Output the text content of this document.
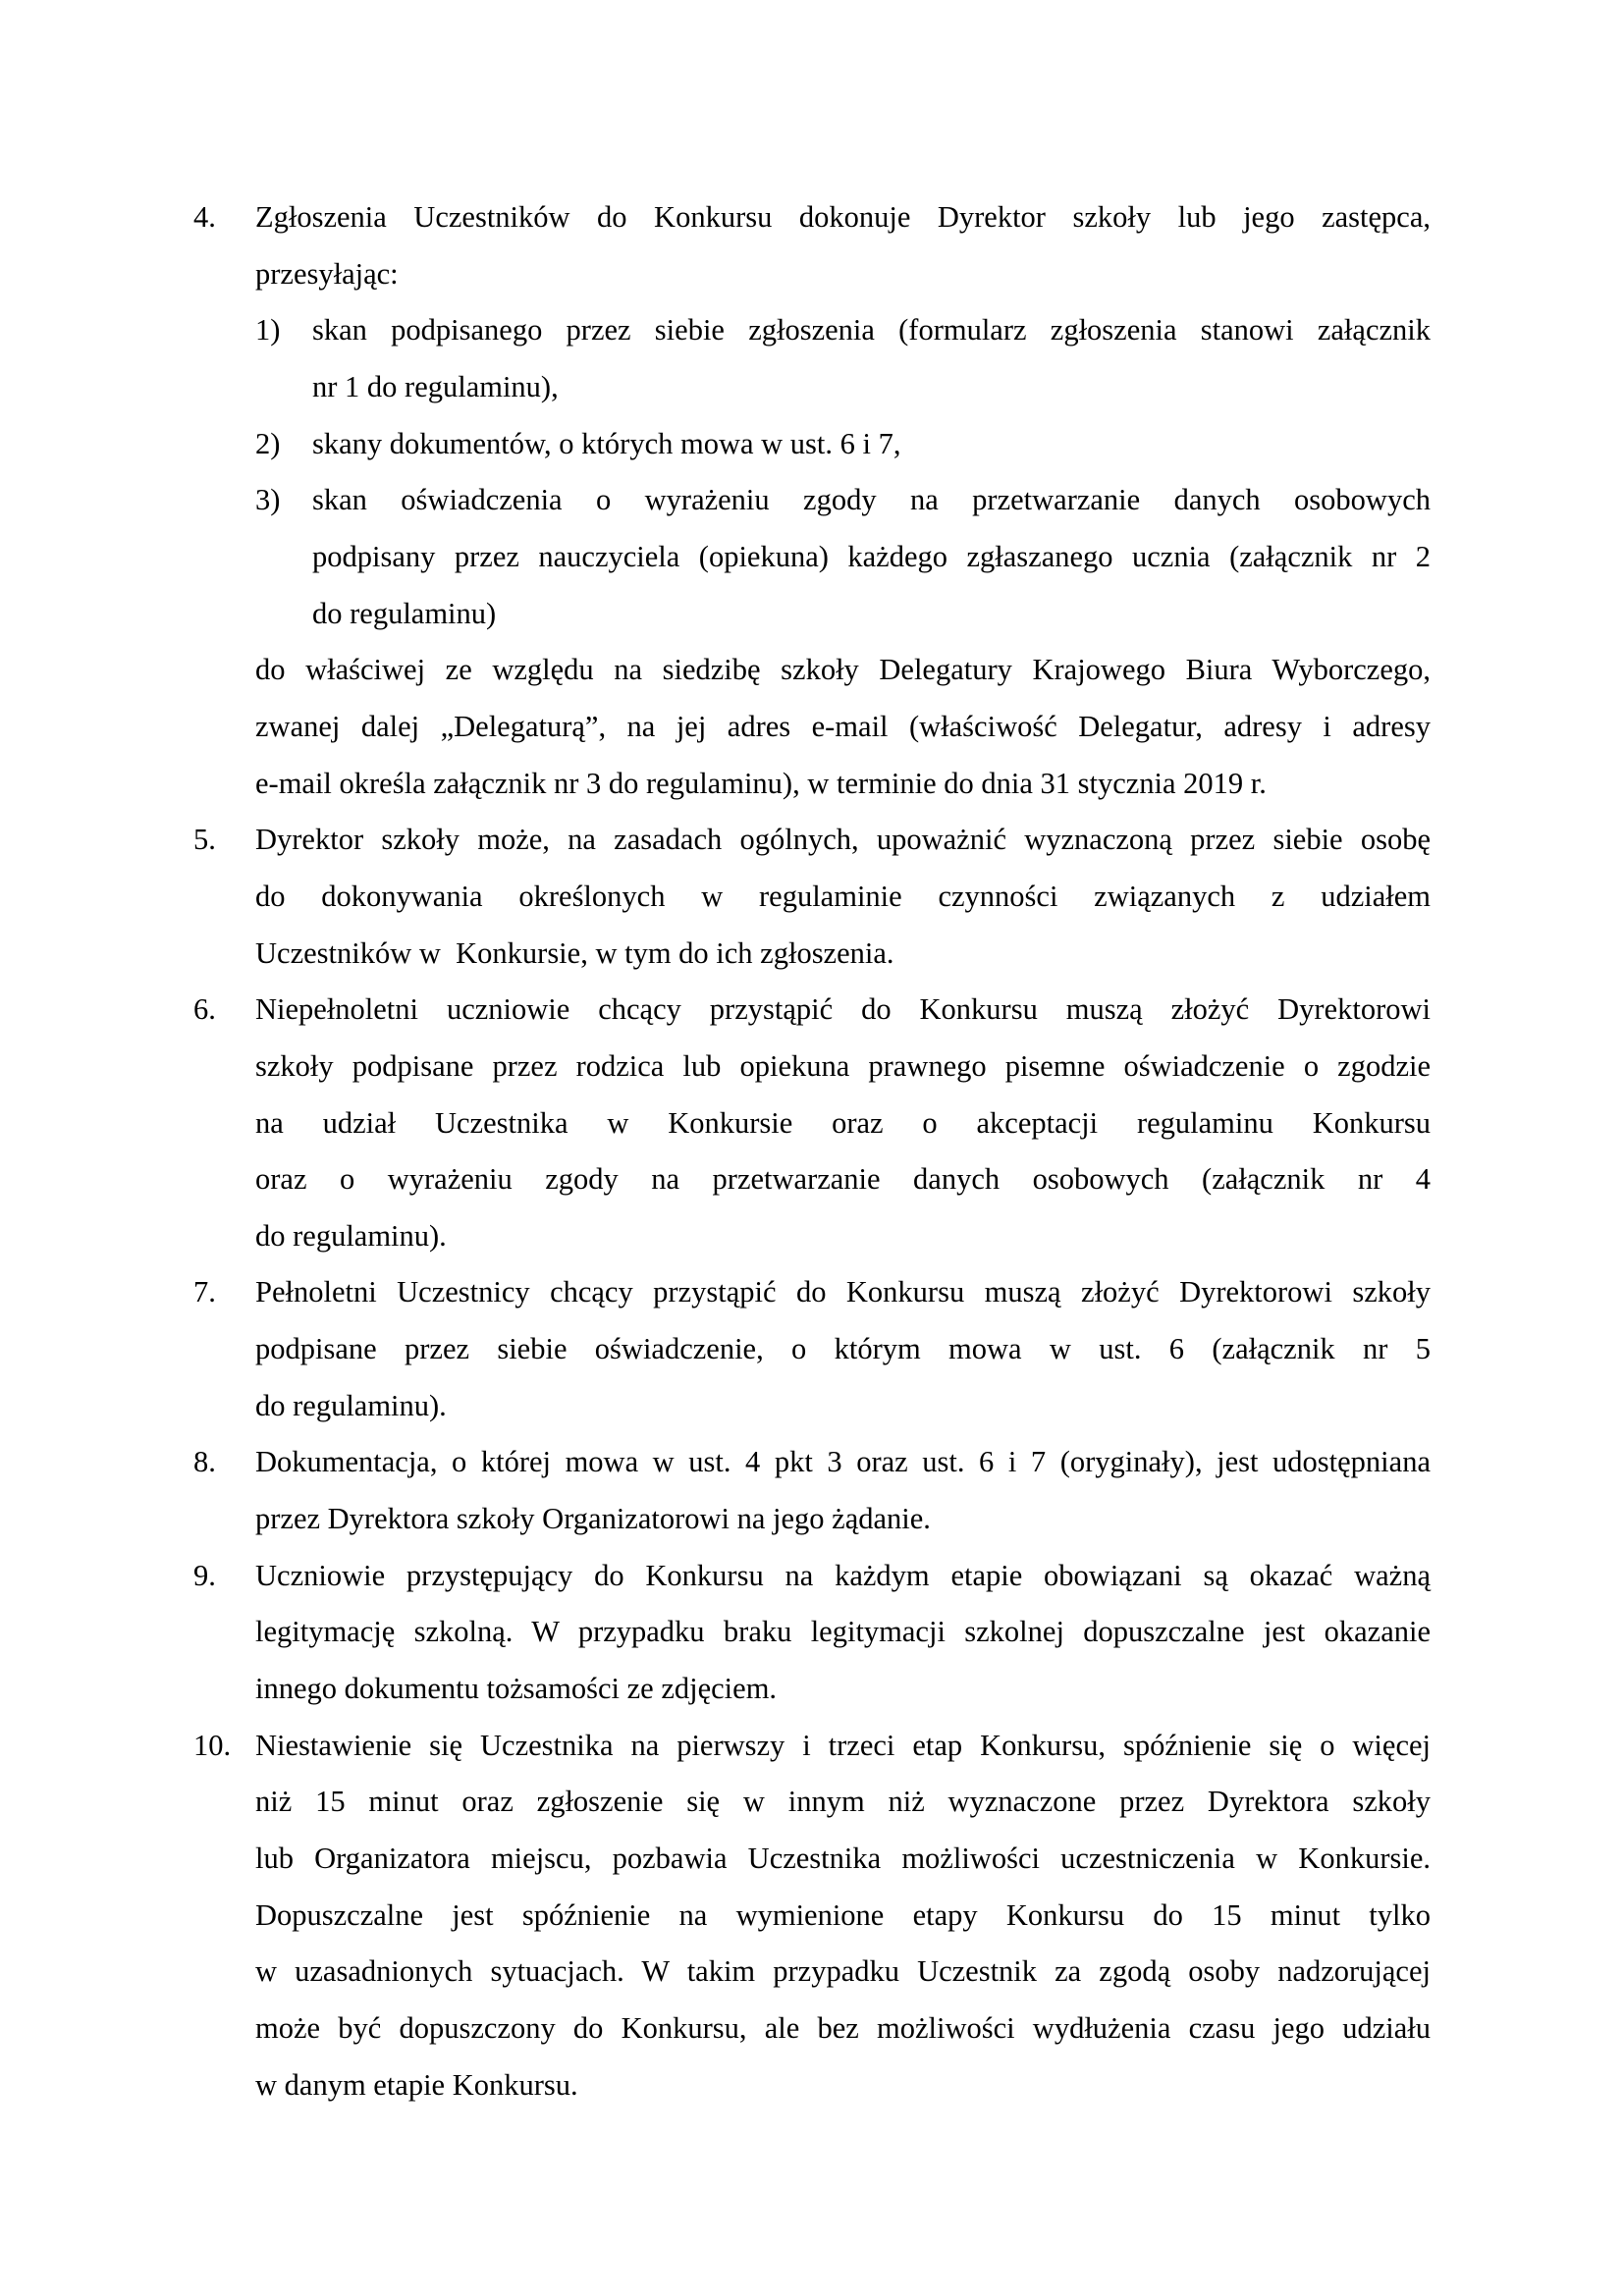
4.	Zgłoszenia Uczestników do Konkursu dokonuje Dyrektor szkoły lub jego zastępca,
przesyłając:
1)	skan podpisanego przez siebie zgłoszenia (formularz zgłoszenia stanowi załącznik
nr 1 do regulaminu),
2)	skany dokumentów, o których mowa w ust. 6 i 7,
3)	skan oświadczenia o wyrażeniu zgody na przetwarzanie danych osobowych
podpisany przez nauczyciela (opiekuna) każdego zgłaszanego ucznia (załącznik nr 2
do regulaminu)
do właściwej ze względu na siedzibę szkoły Delegatury Krajowego Biura Wyborczego,
zwanej dalej „Delegaturą”, na jej adres e-mail (właściwość Delegatur, adresy i adresy
e-mail określa załącznik nr 3 do regulaminu), w terminie do dnia 31 stycznia 2019 r.
5.	Dyrektor szkoły może, na zasadach ogólnych, upoważnić wyznaczoną przez siebie osobę
do dokonywania określonych w regulaminie czynności związanych z udziałem
Uczestników w  Konkursie, w tym do ich zgłoszenia.
6.	Niepełnoletni uczniowie chcący przystąpić do Konkursu muszą złożyć Dyrektorowi
szkoły podpisane przez rodzica lub opiekuna prawnego pisemne oświadczenie o zgodzie
na udział Uczestnika w Konkursie oraz o akceptacji regulaminu Konkursu
oraz o wyrażeniu zgody na przetwarzanie danych osobowych (załącznik nr 4
do regulaminu).
7.	Pełnoletni Uczestnicy chcący przystąpić do Konkursu muszą złożyć Dyrektorowi szkoły
podpisane przez siebie oświadczenie, o którym mowa w ust. 6 (załącznik nr 5
do regulaminu).
8.	Dokumentacja, o której mowa w ust. 4 pkt 3 oraz ust. 6 i 7 (oryginały), jest udostępniana
przez Dyrektora szkoły Organizatorowi na jego żądanie.
9.	Uczniowie przystępujący do Konkursu na każdym etapie obowiązani są okazać ważną
legitymację szkolną. W przypadku braku legitymacji szkolnej dopuszczalne jest okazanie
innego dokumentu tożsamości ze zdjęciem.
10. Niestawienie się Uczestnika na pierwszy i trzeci etap Konkursu, spóźnienie się o więcej
niż 15 minut oraz zgłoszenie się w innym niż wyznaczone przez Dyrektora szkoły
lub Organizatora miejscu, pozbawia Uczestnika możliwości uczestniczenia w Konkursie.
Dopuszczalne jest spóźnienie na wymienione etapy Konkursu do 15 minut tylko
w uzasadnionych sytuacjach. W takim przypadku Uczestnik za zgodą osoby nadzorującej
może być dopuszczony do Konkursu, ale bez możliwości wydłużenia czasu jego udziału
w danym etapie Konkursu.
